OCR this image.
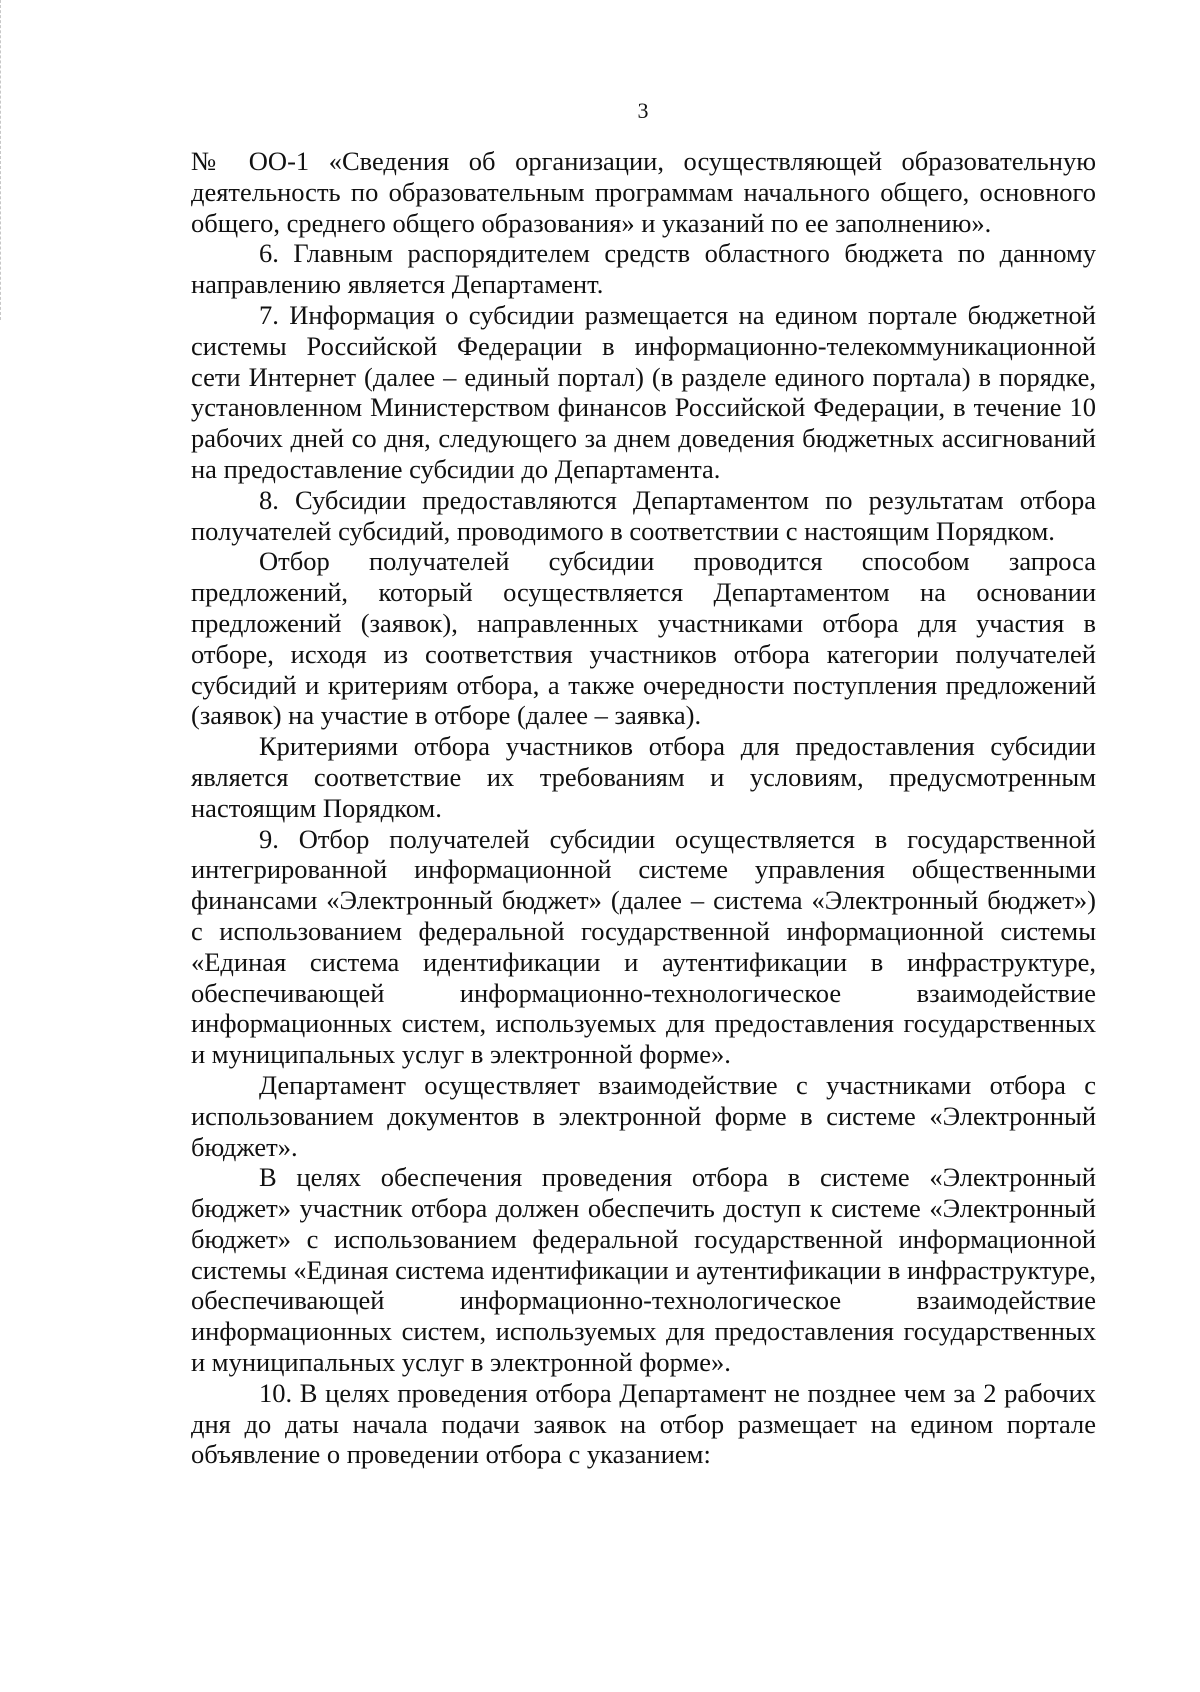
3

№ ОО-1 «Сведения об организации, осуществляющей образовательную деятельность по образовательным программам начального общего, основного общего, среднего общего образования» и указаний по ее заполнению».

6. Главным распорядителем средств областного бюджета по данному направлению является Департамент.

7. Информация о субсидии размещается на едином портале бюджетной системы Российской Федерации в информационно-телекоммуникационной сети Интернет (далее – единый портал) (в разделе единого портала) в порядке, установленном Министерством финансов Российской Федерации, в течение 10 рабочих дней со дня, следующего за днем доведения бюджетных ассигнований на предоставление субсидии до Департамента.

8. Субсидии предоставляются Департаментом по результатам отбора получателей субсидий, проводимого в соответствии с настоящим Порядком.

Отбор получателей субсидии проводится способом запроса предложений, который осуществляется Департаментом на основании предложений (заявок), направленных участниками отбора для участия в отборе, исходя из соответствия участников отбора категории получателей субсидий и критериям отбора, а также очередности поступления предложений (заявок) на участие в отборе (далее – заявка).

Критериями отбора участников отбора для предоставления субсидии является соответствие их требованиям и условиям, предусмотренным настоящим Порядком.

9. Отбор получателей субсидии осуществляется в государственной интегрированной информационной системе управления общественными финансами «Электронный бюджет» (далее – система «Электронный бюджет») с использованием федеральной государственной информационной системы «Единая система идентификации и аутентификации в инфраструктуре, обеспечивающей информационно-технологическое взаимодействие информационных систем, используемых для предоставления государственных и муниципальных услуг в электронной форме».

Департамент осуществляет взаимодействие с участниками отбора с использованием документов в электронной форме в системе «Электронный бюджет».

В целях обеспечения проведения отбора в системе «Электронный бюджет» участник отбора должен обеспечить доступ к системе «Электронный бюджет» с использованием федеральной государственной информационной системы «Единая система идентификации и аутентификации в инфраструктуре, обеспечивающей информационно-технологическое взаимодействие информационных систем, используемых для предоставления государственных и муниципальных услуг в электронной форме».

10. В целях проведения отбора Департамент не позднее чем за 2 рабочих дня до даты начала подачи заявок на отбор размещает на едином портале объявление о проведении отбора с указанием:
